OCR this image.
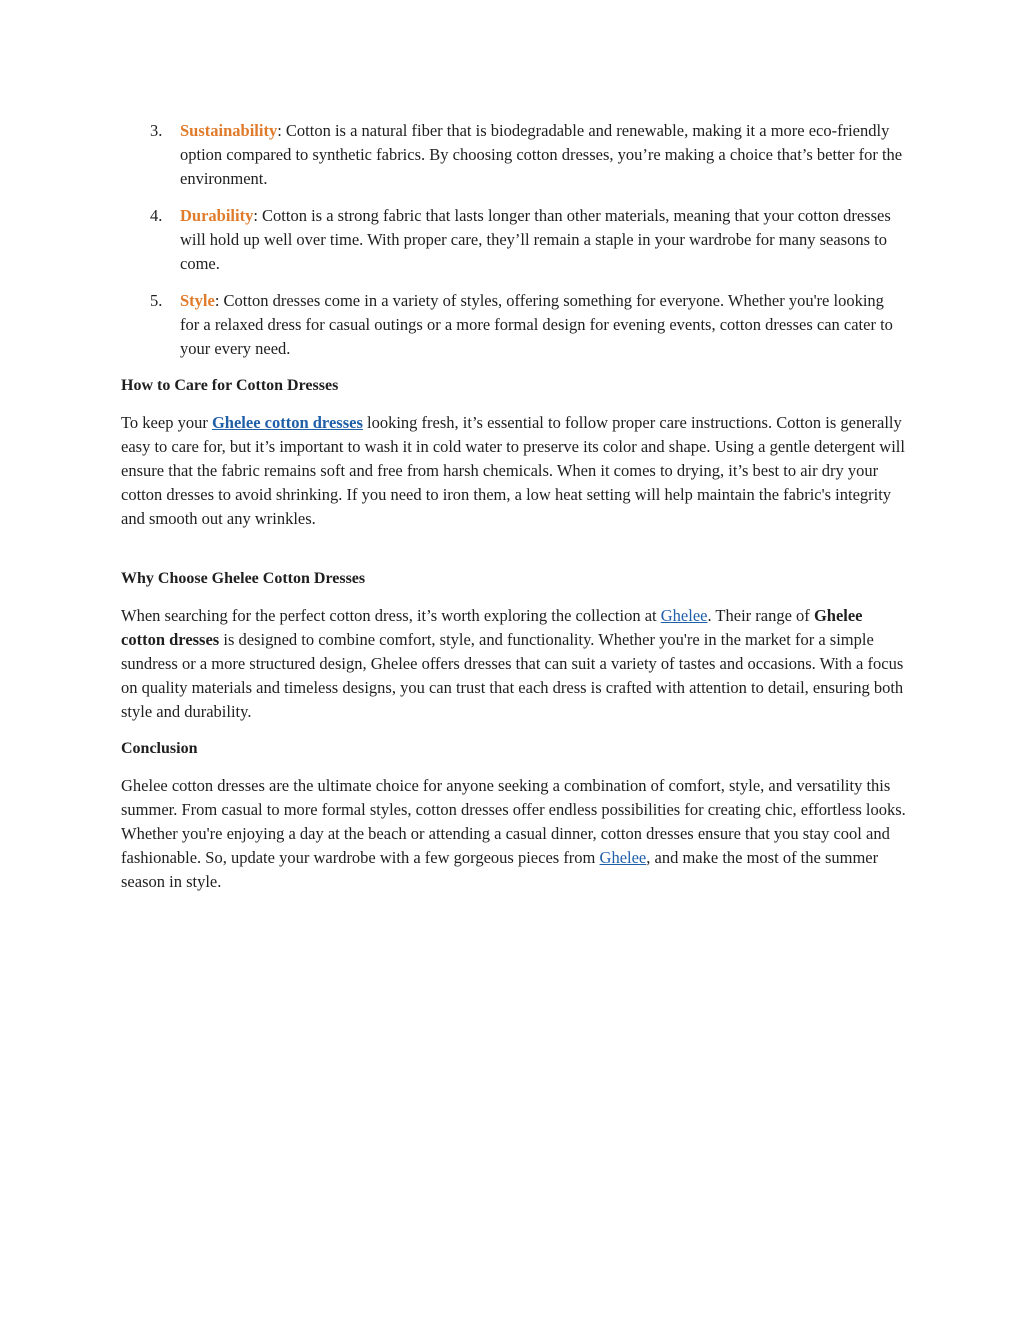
3.	Sustainability: Cotton is a natural fiber that is biodegradable and renewable, making it a more eco-friendly option compared to synthetic fabrics. By choosing cotton dresses, you’re making a choice that’s better for the environment.
4.	Durability: Cotton is a strong fabric that lasts longer than other materials, meaning that your cotton dresses will hold up well over time. With proper care, they’ll remain a staple in your wardrobe for many seasons to come.
5.	Style: Cotton dresses come in a variety of styles, offering something for everyone. Whether you're looking for a relaxed dress for casual outings or a more formal design for evening events, cotton dresses can cater to your every need.
How to Care for Cotton Dresses

To keep your Ghelee cotton dresses looking fresh, it’s essential to follow proper care instructions. Cotton is generally easy to care for, but it’s important to wash it in cold water to preserve its color and shape. Using a gentle detergent will ensure that the fabric remains soft and free from harsh chemicals. When it comes to drying, it’s best to air dry your cotton dresses to avoid shrinking. If you need to iron them, a low heat setting will help maintain the fabric's integrity and smooth out any wrinkles.

Why Choose Ghelee Cotton Dresses

When searching for the perfect cotton dress, it’s worth exploring the collection at Ghelee. Their range of Ghelee cotton dresses is designed to combine comfort, style, and functionality. Whether you're in the market for a simple sundress or a more structured design, Ghelee offers dresses that can suit a variety of tastes and occasions. With a focus on quality materials and timeless designs, you can trust that each dress is crafted with attention to detail, ensuring both style and durability.

Conclusion

Ghelee cotton dresses are the ultimate choice for anyone seeking a combination of comfort, style, and versatility this summer. From casual to more formal styles, cotton dresses offer endless possibilities for creating chic, effortless looks. Whether you're enjoying a day at the beach or attending a casual dinner, cotton dresses ensure that you stay cool and fashionable. So, update your wardrobe with a few gorgeous pieces from Ghelee, and make the most of the summer season in style.
